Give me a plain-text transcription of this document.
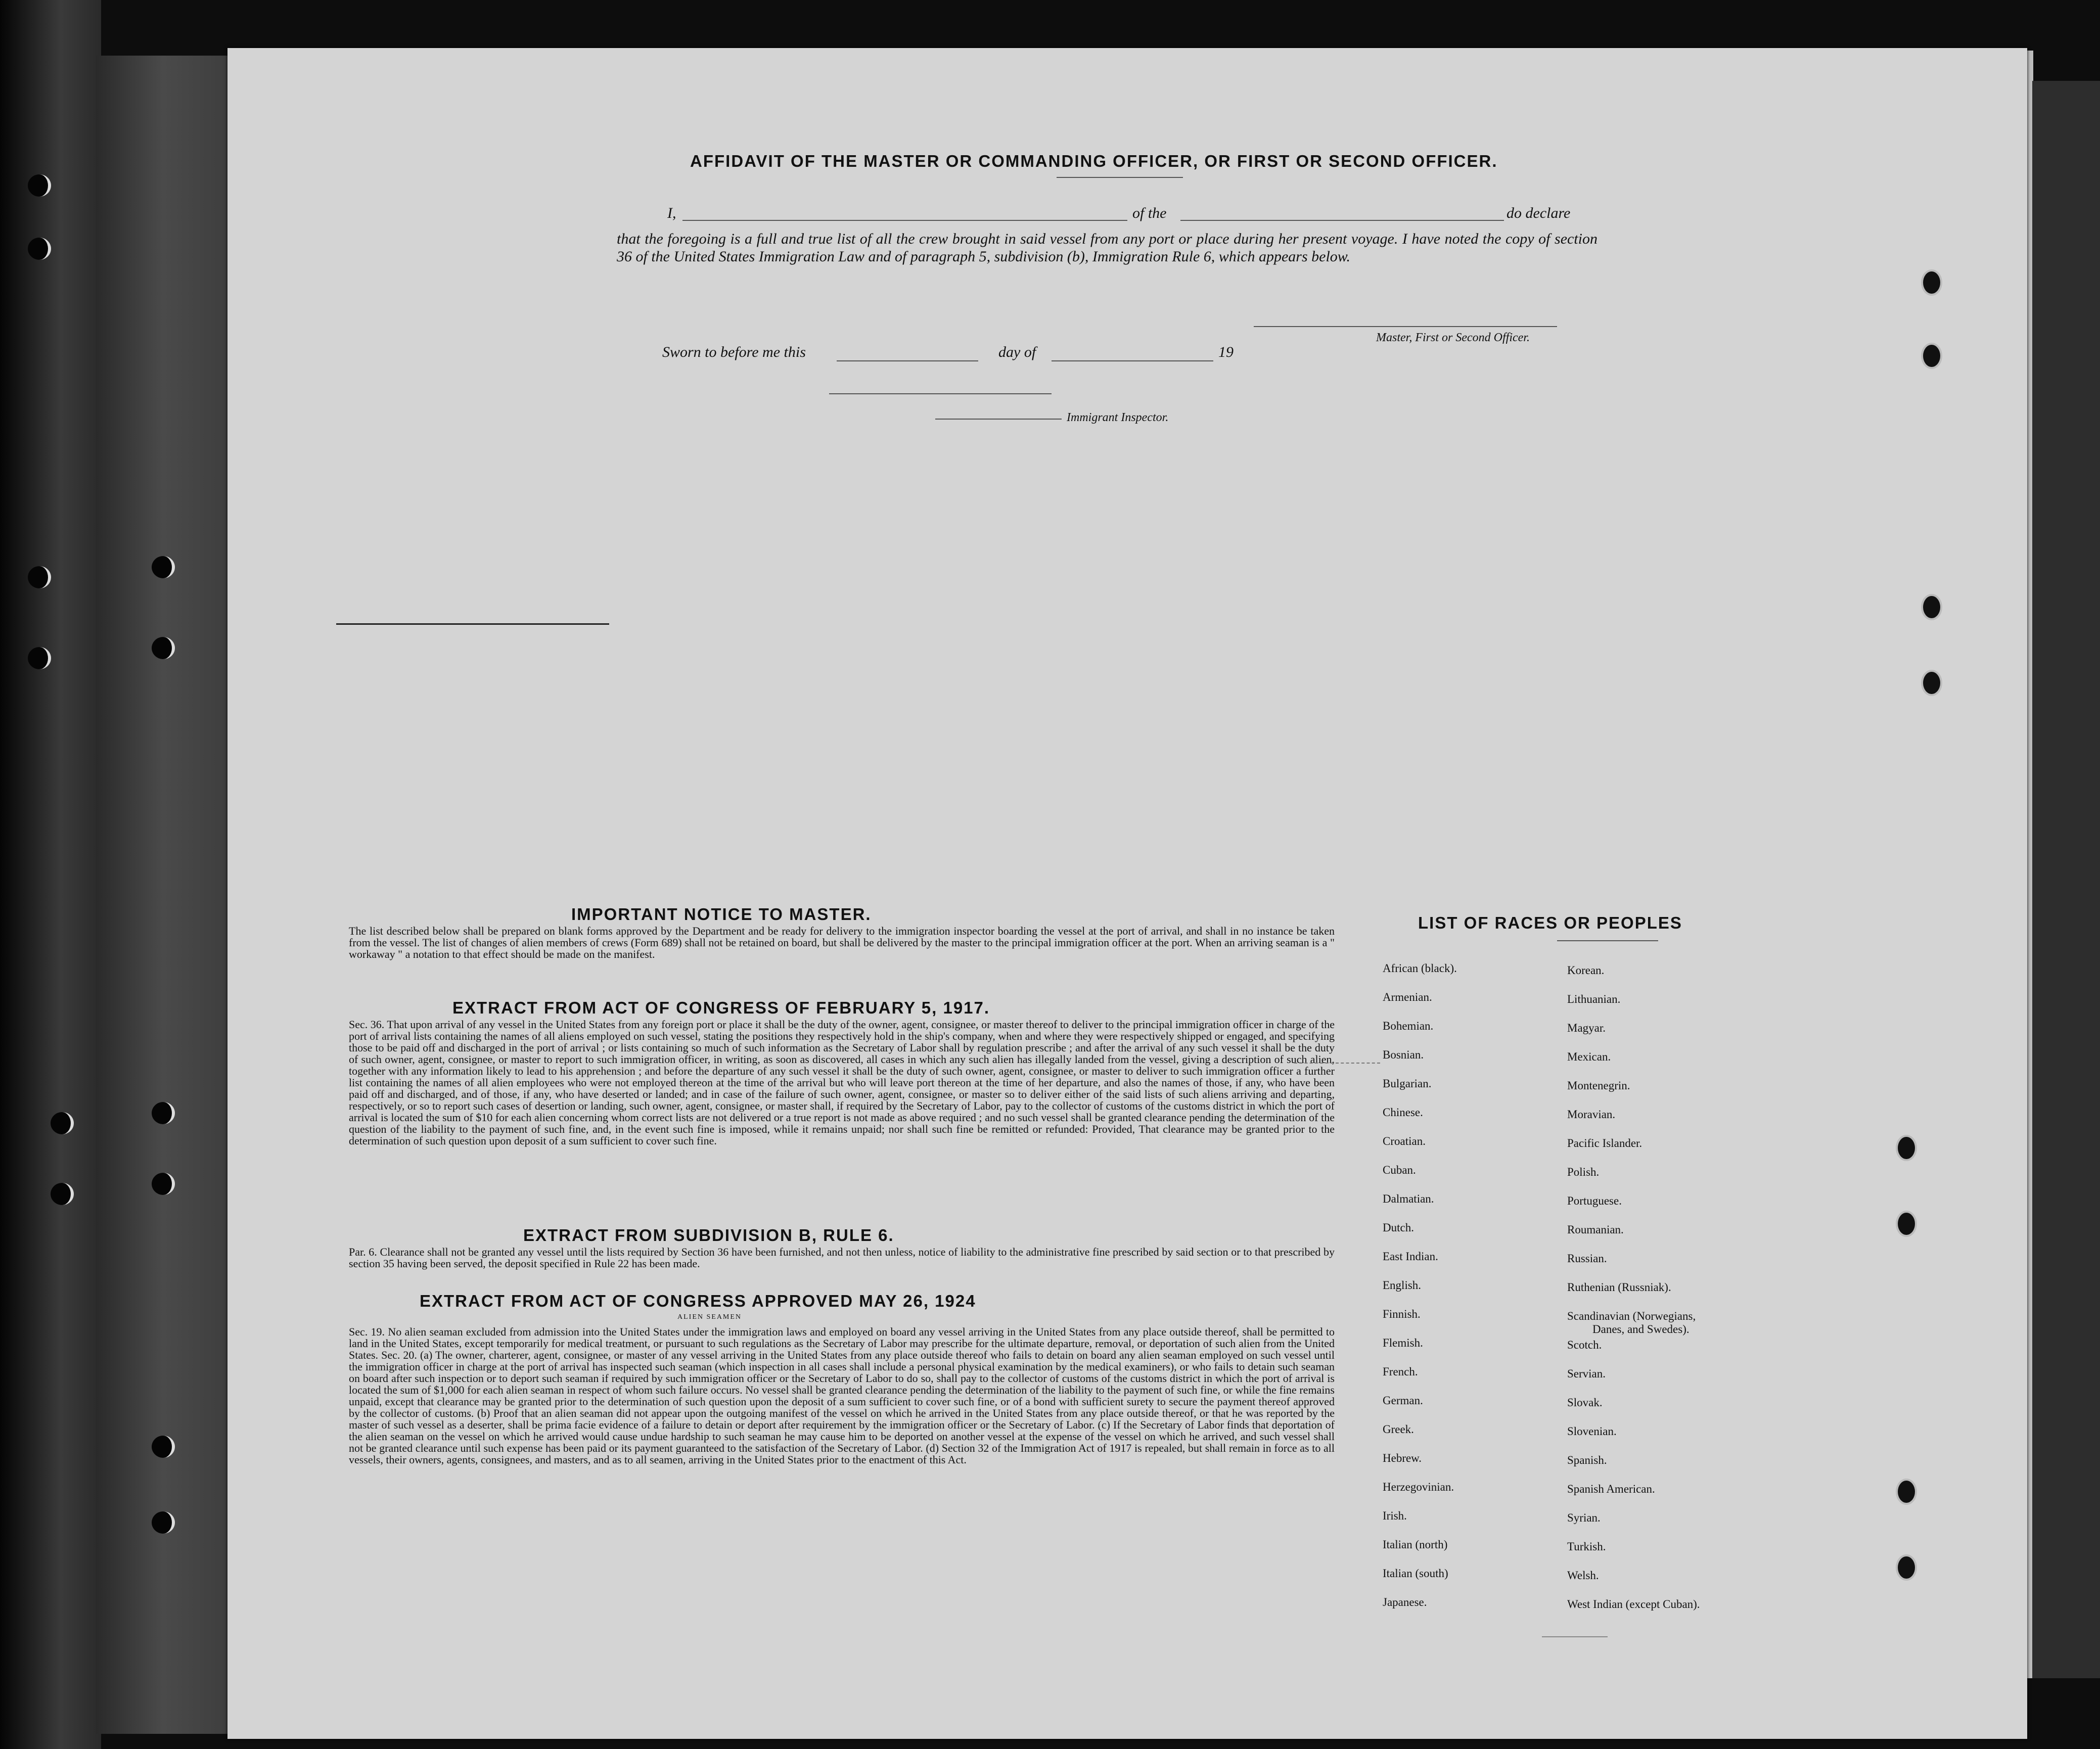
AFFIDAVIT OF THE MASTER OR COMMANDING OFFICER, OR FIRST OR SECOND OFFICER.
I,	of the	do declare
that the foregoing is a full and true list of all the crew brought in said vessel from any port or place during her present voyage. I have noted the copy of section 36 of the United States Immigration Law and of paragraph 5, subdivision (b), Immigration Rule 6, which appears below.
Master, First or Second Officer.
Sworn to before me this	day of	19
Immigrant Inspector.
IMPORTANT NOTICE TO MASTER.
The list described below shall be prepared on blank forms approved by the Department and be ready for delivery to the immigration inspector boarding the vessel at the port of arrival, and shall in no instance be taken from the vessel. The list of changes of alien members of crews (Form 689) shall not be retained on board, but shall be delivered by the master to the principal immigration officer at the port. When an arriving seaman is a " workaway " a notation to that effect should be made on the manifest.
EXTRACT FROM ACT OF CONGRESS OF FEBRUARY 5, 1917.
Sec. 36. That upon arrival of any vessel in the United States from any foreign port or place it shall be the duty of the owner, agent, consignee, or master thereof to deliver to the principal immigration officer in charge of the port of arrival lists containing the names of all aliens employed on such vessel, stating the positions they respectively hold in the ship's company, when and where they were respectively shipped or engaged, and specifying those to be paid off and discharged in the port of arrival ; or lists containing so much of such information as the Secretary of Labor shall by regulation prescribe ; and after the arrival of any such vessel it shall be the duty of such owner, agent, consignee, or master to report to such immigration officer, in writing, as soon as discovered, all cases in which any such alien has illegally landed from the vessel, giving a description of such alien, together with any information likely to lead to his apprehension ; and before the departure of any such vessel it shall be the duty of such owner, agent, consignee, or master to deliver to such immigration officer a further list containing the names of all alien employees who were not employed thereon at the time of the arrival but who will leave port thereon at the time of her departure, and also the names of those, if any, who have been paid off and discharged, and of those, if any, who have deserted or landed; and in case of the failure of such owner, agent, consignee, or master so to deliver either of the said lists of such aliens arriving and departing, respectively, or so to report such cases of desertion or landing, such owner, agent, consignee, or master shall, if required by the Secretary of Labor, pay to the collector of customs of the customs district in which the port of arrival is located the sum of $10 for each alien concerning whom correct lists are not delivered or a true report is not made as above required ; and no such vessel shall be granted clearance pending the determination of the question of the liability to the payment of such fine, and, in the event such fine is imposed, while it remains unpaid; nor shall such fine be remitted or refunded: Provided, That clearance may be granted prior to the determination of such question upon deposit of a sum sufficient to cover such fine.
EXTRACT FROM SUBDIVISION B, RULE 6.
Par. 6. Clearance shall not be granted any vessel until the lists required by Section 36 have been furnished, and not then unless, notice of liability to the administrative fine prescribed by said section or to that prescribed by section 35 having been served, the deposit specified in Rule 22 has been made.
EXTRACT FROM ACT OF CONGRESS APPROVED MAY 26, 1924
ALIEN SEAMEN
Sec. 19. No alien seaman excluded from admission into the United States under the immigration laws and employed on board any vessel arriving in the United States from any place outside thereof, shall be permitted to land in the United States, except temporarily for medical treatment, or pursuant to such regulations as the Secretary of Labor may prescribe for the ultimate departure, removal, or deportation of such alien from the United States. Sec. 20. (a) The owner, charterer, agent, consignee, or master of any vessel arriving in the United States from any place outside thereof who fails to detain on board any alien seaman employed on such vessel until the immigration officer in charge at the port of arrival has inspected such seaman (which inspection in all cases shall include a personal physical examination by the medical examiners), or who fails to detain such seaman on board after such inspection or to deport such seaman if required by such immigration officer or the Secretary of Labor to do so, shall pay to the collector of customs of the customs district in which the port of arrival is located the sum of $1,000 for each alien seaman in respect of whom such failure occurs. No vessel shall be granted clearance pending the determination of the liability to the payment of such fine, or while the fine remains unpaid, except that clearance may be granted prior to the determination of such question upon the deposit of a sum sufficient to cover such fine, or of a bond with sufficient surety to secure the payment thereof approved by the collector of customs. (b) Proof that an alien seaman did not appear upon the outgoing manifest of the vessel on which he arrived in the United States from any place outside thereof, or that he was reported by the master of such vessel as a deserter, shall be prima facie evidence of a failure to detain or deport after requirement by the immigration officer or the Secretary of Labor. (c) If the Secretary of Labor finds that deportation of the alien seaman on the vessel on which he arrived would cause undue hardship to such seaman he may cause him to be deported on another vessel at the expense of the vessel on which he arrived, and such vessel shall not be granted clearance until such expense has been paid or its payment guaranteed to the satisfaction of the Secretary of Labor. (d) Section 32 of the Immigration Act of 1917 is repealed, but shall remain in force as to all vessels, their owners, agents, consignees, and masters, and as to all seamen, arriving in the United States prior to the enactment of this Act.
LIST OF RACES OR PEOPLES
African (black).
Armenian.
Bohemian.
Bosnian.
Bulgarian.
Chinese.
Croatian.
Cuban.
Dalmatian.
Dutch.
East Indian.
English.
Finnish.
Flemish.
French.
German.
Greek.
Hebrew.
Herzegovinian.
Irish.
Italian (north)
Italian (south)
Japanese.
Korean.
Lithuanian.
Magyar.
Mexican.
Montenegrin.
Moravian.
Pacific Islander.
Polish.
Portuguese.
Roumanian.
Russian.
Ruthenian (Russniak).
Scandinavian (Norwegians,
Danes, and Swedes).
Scotch.
Servian.
Slovak.
Slovenian.
Spanish.
Spanish American.
Syrian.
Turkish.
Welsh.
West Indian (except Cuban).
